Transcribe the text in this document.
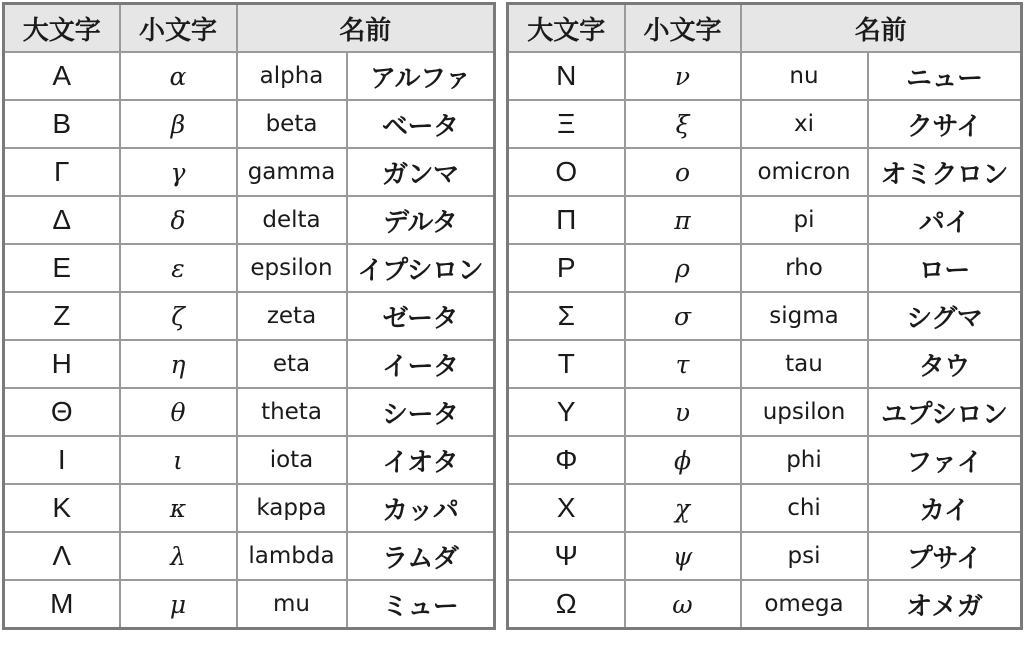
大文字	小文字	名前	
Α	α	alpha	アルファ
Β	β	beta	ベータ
Γ	γ	gamma	ガンマ
Δ	δ	delta	デルタ
Ε	ε	epsilon	イプシロン
Ζ	ζ	zeta	ゼータ
Η	η	eta	イータ
Θ	θ	theta	シータ
Ι	ι	iota	イオタ
Κ	κ	kappa	カッパ
Λ	λ	lambda	ラムダ
Μ	μ	mu	ミュー
大文字	小文字	名前	
Ν	ν	nu	ニュー
Ξ	ξ	xi	クサイ
Ο	ο	omicron	オミクロン
Π	π	pi	パイ
Ρ	ρ	rho	ロー
Σ	σ	sigma	シグマ
Τ	τ	tau	タウ
Υ	υ	upsilon	ユプシロン
Φ	ϕ	phi	ファイ
Χ	χ	chi	カイ
Ψ	ψ	psi	プサイ
Ω	ω	omega	オメガ
